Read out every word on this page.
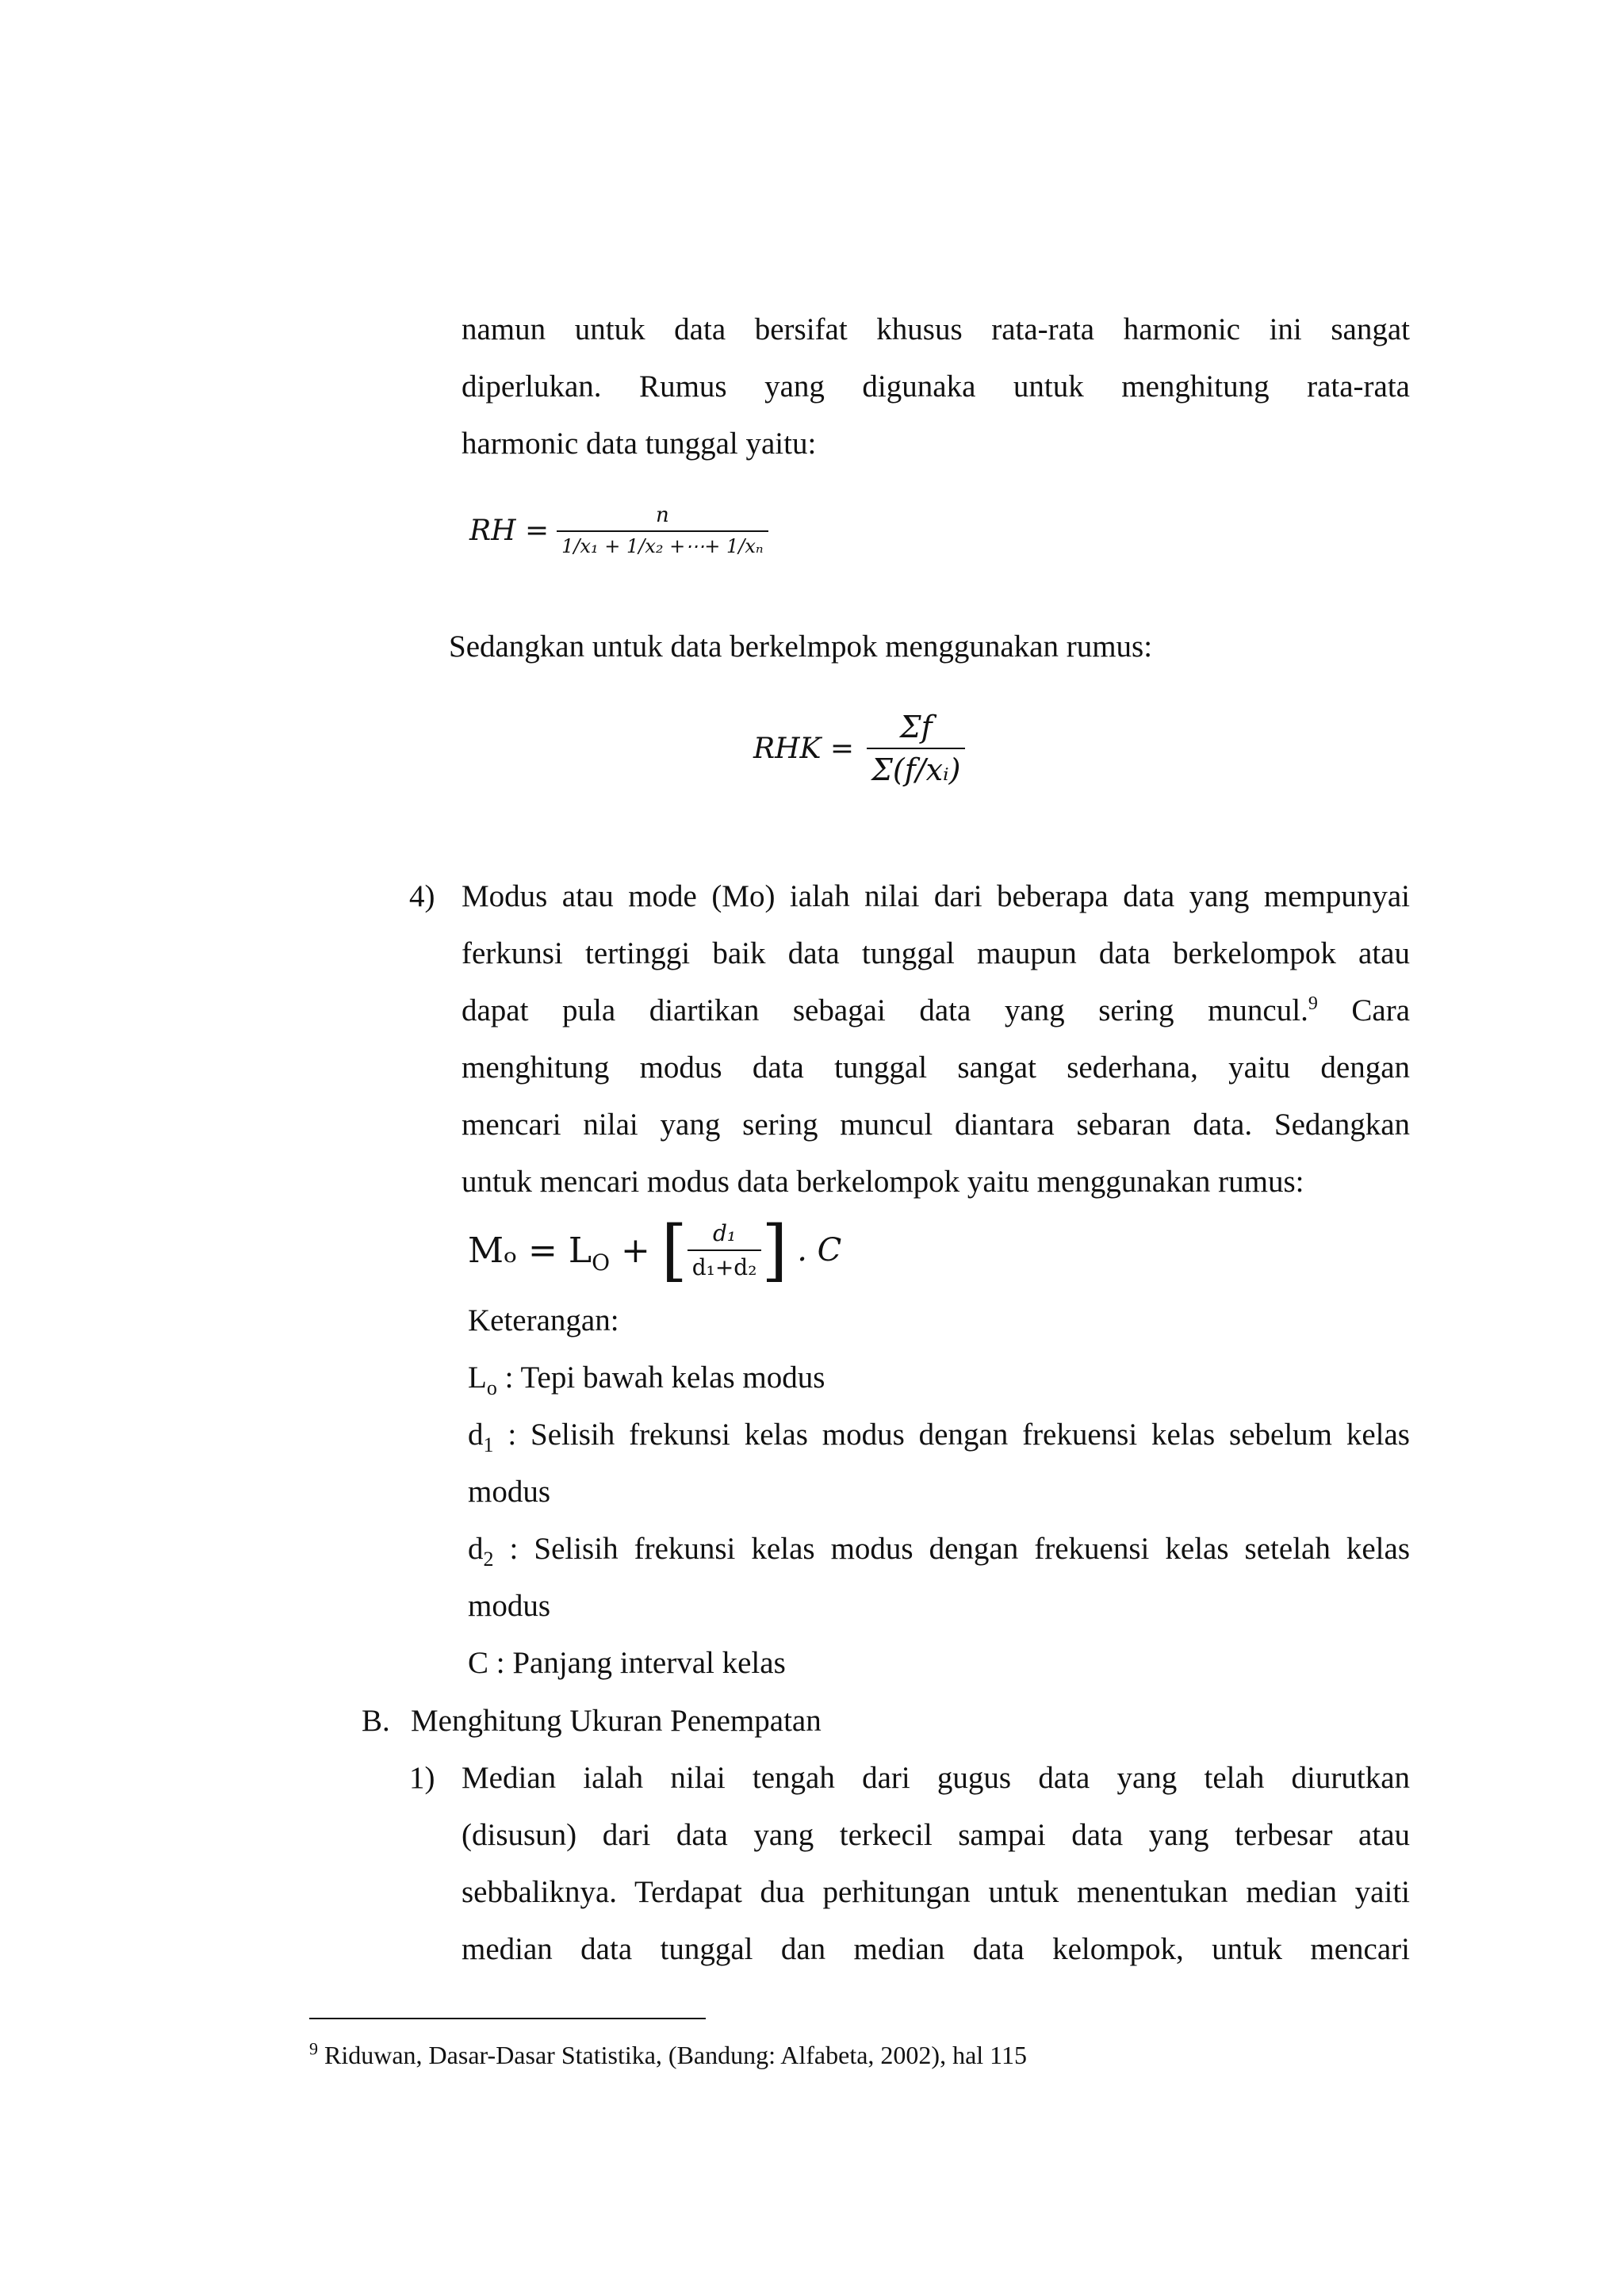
namun untuk data bersifat khusus rata-rata harmonic ini sangat
diperlukan. Rumus yang digunaka untuk menghitung rata-rata
harmonic data tunggal yaitu:
RH = $\frac{n}{\text{1/x₁ + 1/x₂ +⋯+ 1/xₙ}}$
Sedangkan untuk data berkelmpok menggunakan rumus:
RHK = $\frac{\Sigma f}{\text{Σ(f/xᵢ)}}$
4) Modus atau mode (Mo) ialah nilai dari beberapa data yang mempunyai
ferkunsi tertinggi baik data tunggal maupun data berkelompok atau
dapat pula diartikan sebagai data yang sering muncul.$^9$ Cara
menghitung modus data tunggal sangat sederhana, yaitu dengan
mencari nilai yang sering muncul diantara sebaran data. Sedangkan
untuk mencari modus data berkelompok yaitu menggunakan rumus:
$M_o = L_O$ + [ $\frac{\text{d₁}}{\text{d₁+d₂}}$ ] . C
Keterangan:
$L_o$ : Tepi bawah kelas modus
$d_1$ : Selisih frekunsi kelas modus dengan frekuensi kelas sebelum kelas
modus
$d_2$ : Selisih frekunsi kelas modus dengan frekuensi kelas setelah kelas
modus
C : Panjang interval kelas
B. Menghitung Ukuran Penempatan
1) Median ialah nilai tengah dari gugus data yang telah diurutkan
(disusun) dari data yang terkecil sampai data yang terbesar atau
sebbaliknya. Terdapat dua perhitungan untuk menentukan median yaiti
median data tunggal dan median data kelompok, untuk mencari
$^9$ Riduwan, Dasar-Dasar Statistika, (Bandung: Alfabeta, 2002), hal 115
